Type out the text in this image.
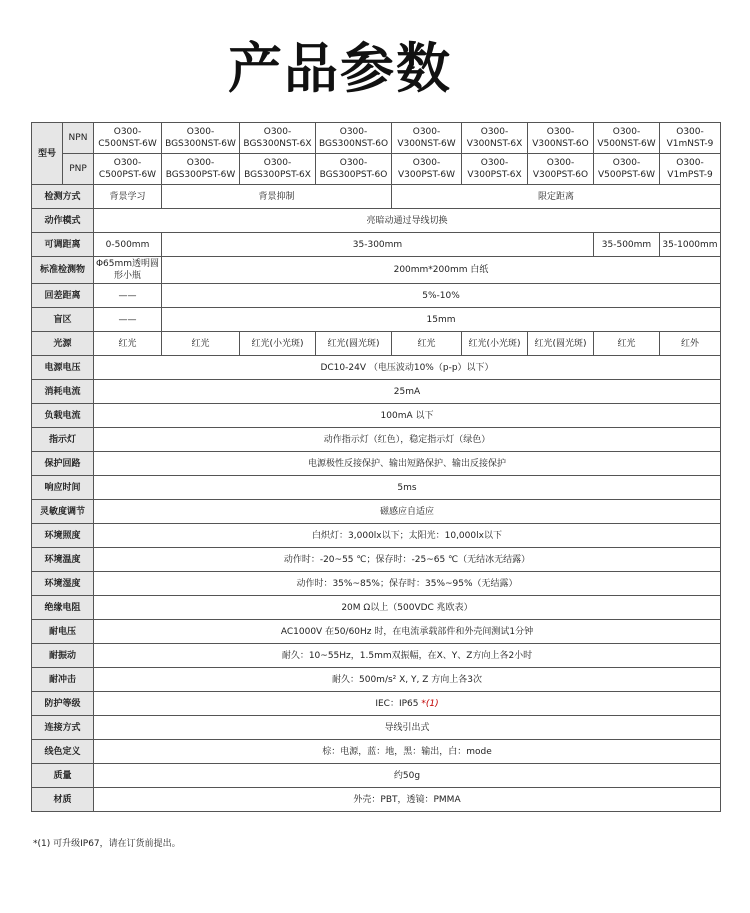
产品参数
型号	NPN	O300-C500NST-6W	O300-BGS300NST-6W	O300-BGS300NST-6X	O300-BGS300NST-6O	O300-V300NST-6W	O300-V300NST-6X	O300-V300NST-6O	O300-V500NST-6W	O300-V1mNST-9
	PNP	O300-C500PST-6W	O300-BGS300PST-6W	O300-BGS300PST-6X	O300-BGS300PST-6O	O300-V300PST-6W	O300-V300PST-6X	O300-V300PST-6O	O300-V500PST-6W	O300-V1mPST-9
检测方式		背景学习	背景抑制			限定距离				
动作模式		亮暗动通过导线切换								
可调距离		0-500mm	35-300mm						35-500mm	35-1000mm
标准检测物		Φ65mm透明圆形小瓶	200mm*200mm 白纸							
回差距离		——	5%-10%							
盲区		——	15mm							
光源		红光	红光	红光(小光斑)	红光(圆光斑)	红光	红光(小光斑)	红光(圆光斑)	红光	红外
电源电压		DC10-24V （电压波动10%（p-p）以下）								
消耗电流		25mA								
负载电流		100mA 以下								
指示灯		动作指示灯（红色），稳定指示灯（绿色）								
保护回路		电源极性反接保护、输出短路保护、输出反接保护								
响应时间		5ms								
灵敏度调节		磁感应自适应								
环境照度		白炽灯：3,000lx以下；太阳光：10,000lx以下								
环境温度		动作时：-20~55 ℃；保存时：-25~65 ℃（无结冰无结露）								
环境湿度		动作时：35%~85%；保存时：35%~95%（无结露）								
绝缘电阻		20M Ω以上（500VDC 兆欧表）								
耐电压		AC1000V 在50/60Hz 时，在电流承载部件和外壳间测试1分钟								
耐振动		耐久：10~55Hz，1.5mm双振幅，在X、Y、Z方向上各2小时								
耐冲击		耐久：500m/s² X, Y, Z 方向上各3次								
防护等级		IEC：IP65 *(1)								
连接方式		导线引出式								
线色定义		棕：电源，蓝：地，黑：输出，白：mode								
质量		约50g								
材质		外壳：PBT，透镜：PMMA								
*(1) 可升级IP67，请在订货前提出。
